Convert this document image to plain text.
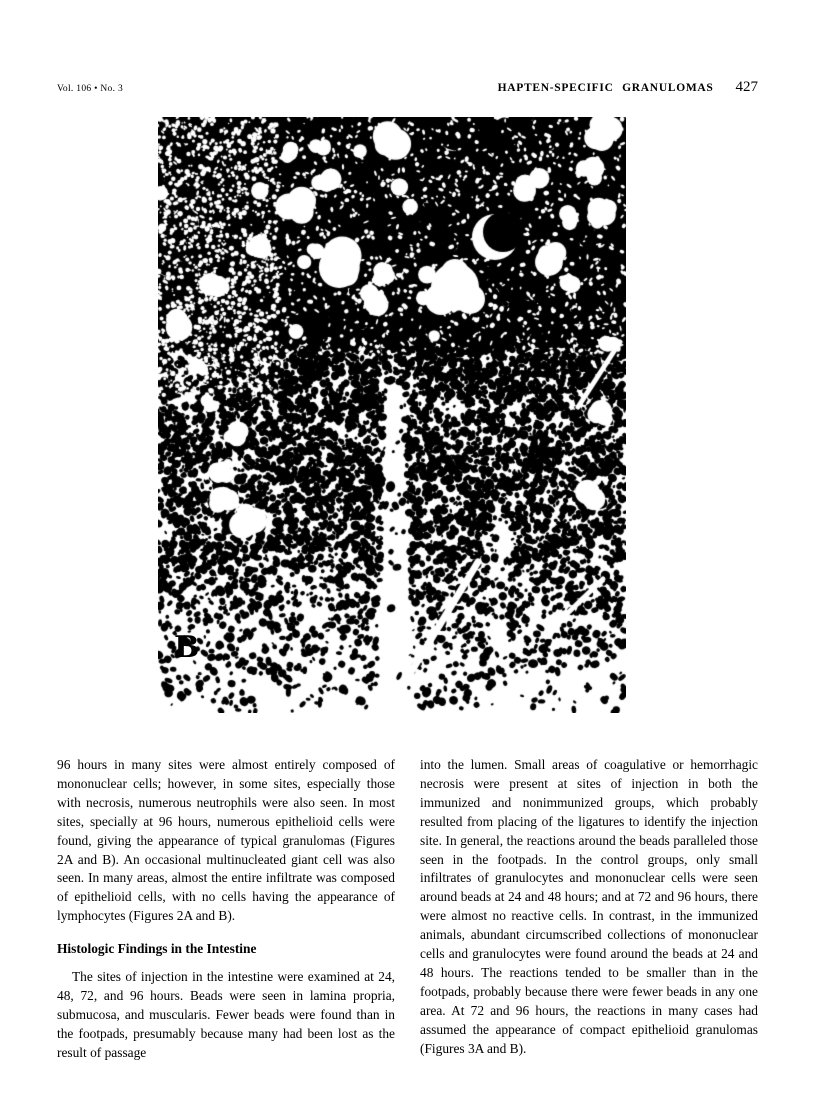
Vol. 106 • No. 3	HAPTEN-SPECIFIC GRANULOMAS 427
B

96 hours in many sites were almost entirely composed of mononuclear cells; however, in some sites, especially those with necrosis, numerous neutrophils were also seen. In most sites, specially at 96 hours, numerous epithelioid cells were found, giving the appearance of typical granulomas (Figures 2A and B). An occasional multinucleated giant cell was also seen. In many areas, almost the entire infiltrate was composed of epithelioid cells, with no cells having the appearance of lymphocytes (Figures 2A and B).

Histologic Findings in the Intestine

The sites of injection in the intestine were examined at 24, 48, 72, and 96 hours. Beads were seen in lamina propria, submucosa, and muscularis. Fewer beads were found than in the footpads, presumably because many had been lost as the result of passage

into the lumen. Small areas of coagulative or hemorrhagic necrosis were present at sites of injection in both the immunized and nonimmunized groups, which probably resulted from placing of the ligatures to identify the injection site. In general, the reactions around the beads paralleled those seen in the footpads. In the control groups, only small infiltrates of granulocytes and mononuclear cells were seen around beads at 24 and 48 hours; and at 72 and 96 hours, there were almost no reactive cells. In contrast, in the immunized animals, abundant circumscribed collections of mononuclear cells and granulocytes were found around the beads at 24 and 48 hours. The reactions tended to be smaller than in the footpads, probably because there were fewer beads in any one area. At 72 and 96 hours, the reactions in many cases had assumed the appearance of compact epithelioid granulomas (Figures 3A and B).
